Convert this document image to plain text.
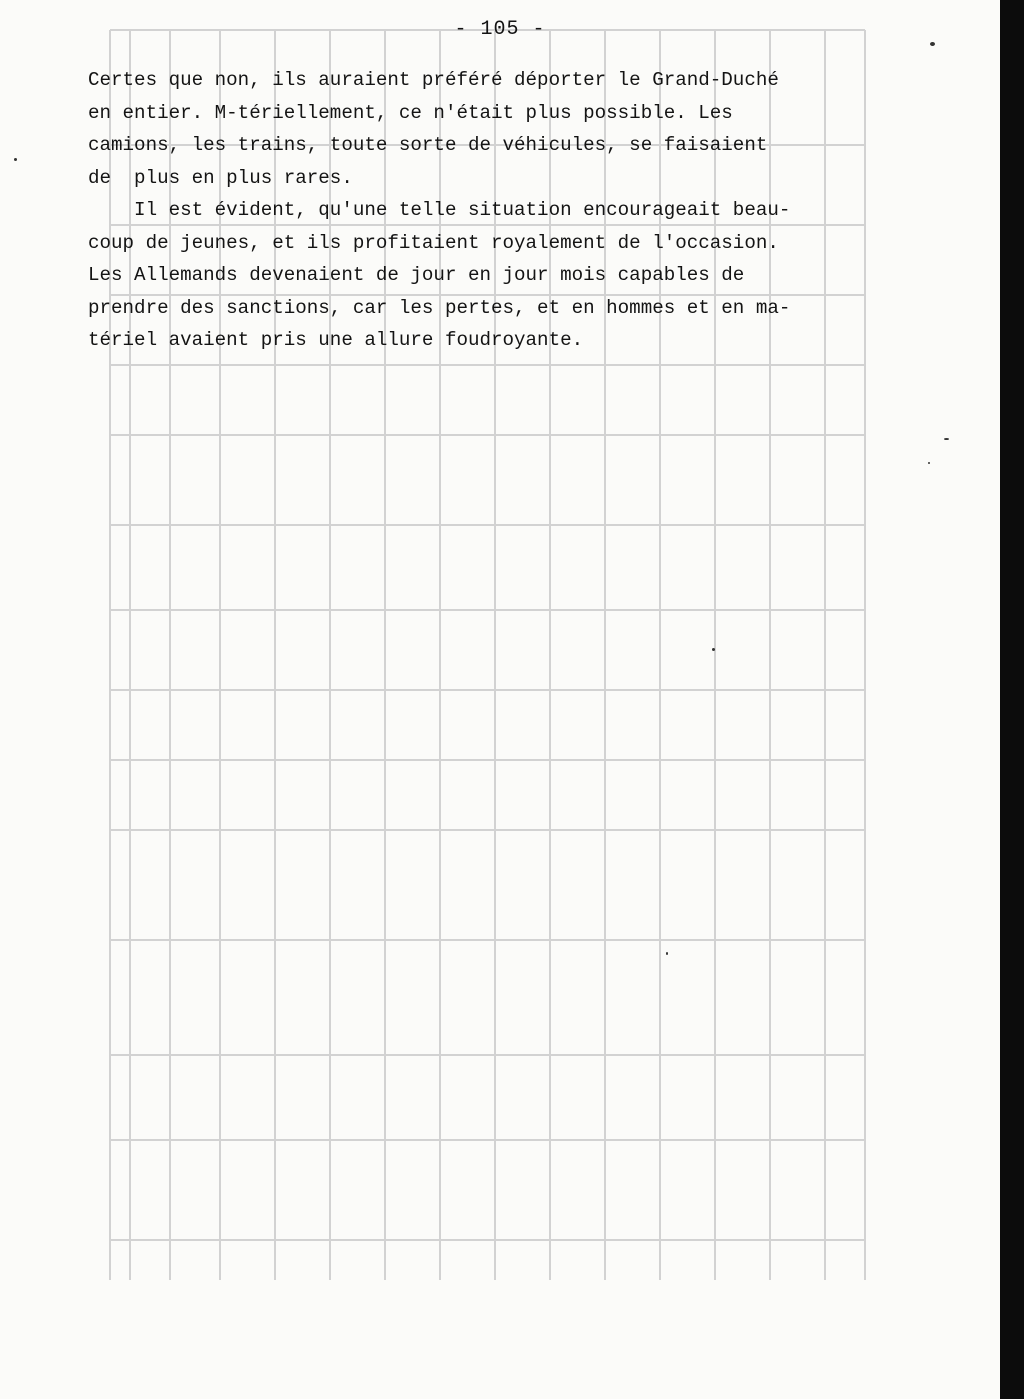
- 105 -
Certes que non, ils auraient préféré déporter le Grand-Duché
en entier. M-tériellement, ce n'était plus possible. Les
camions, les trains, toute sorte de véhicules, se faisaient
de  plus en plus rares.
Il est évident, qu'une telle situation encourageait beau-
coup de jeunes, et ils profitaient royalement de l'occasion.
Les Allemands devenaient de jour en jour mois capables de
prendre des sanctions, car les pertes, et en hommes et en ma-
tériel avaient pris une allure foudroyante.
